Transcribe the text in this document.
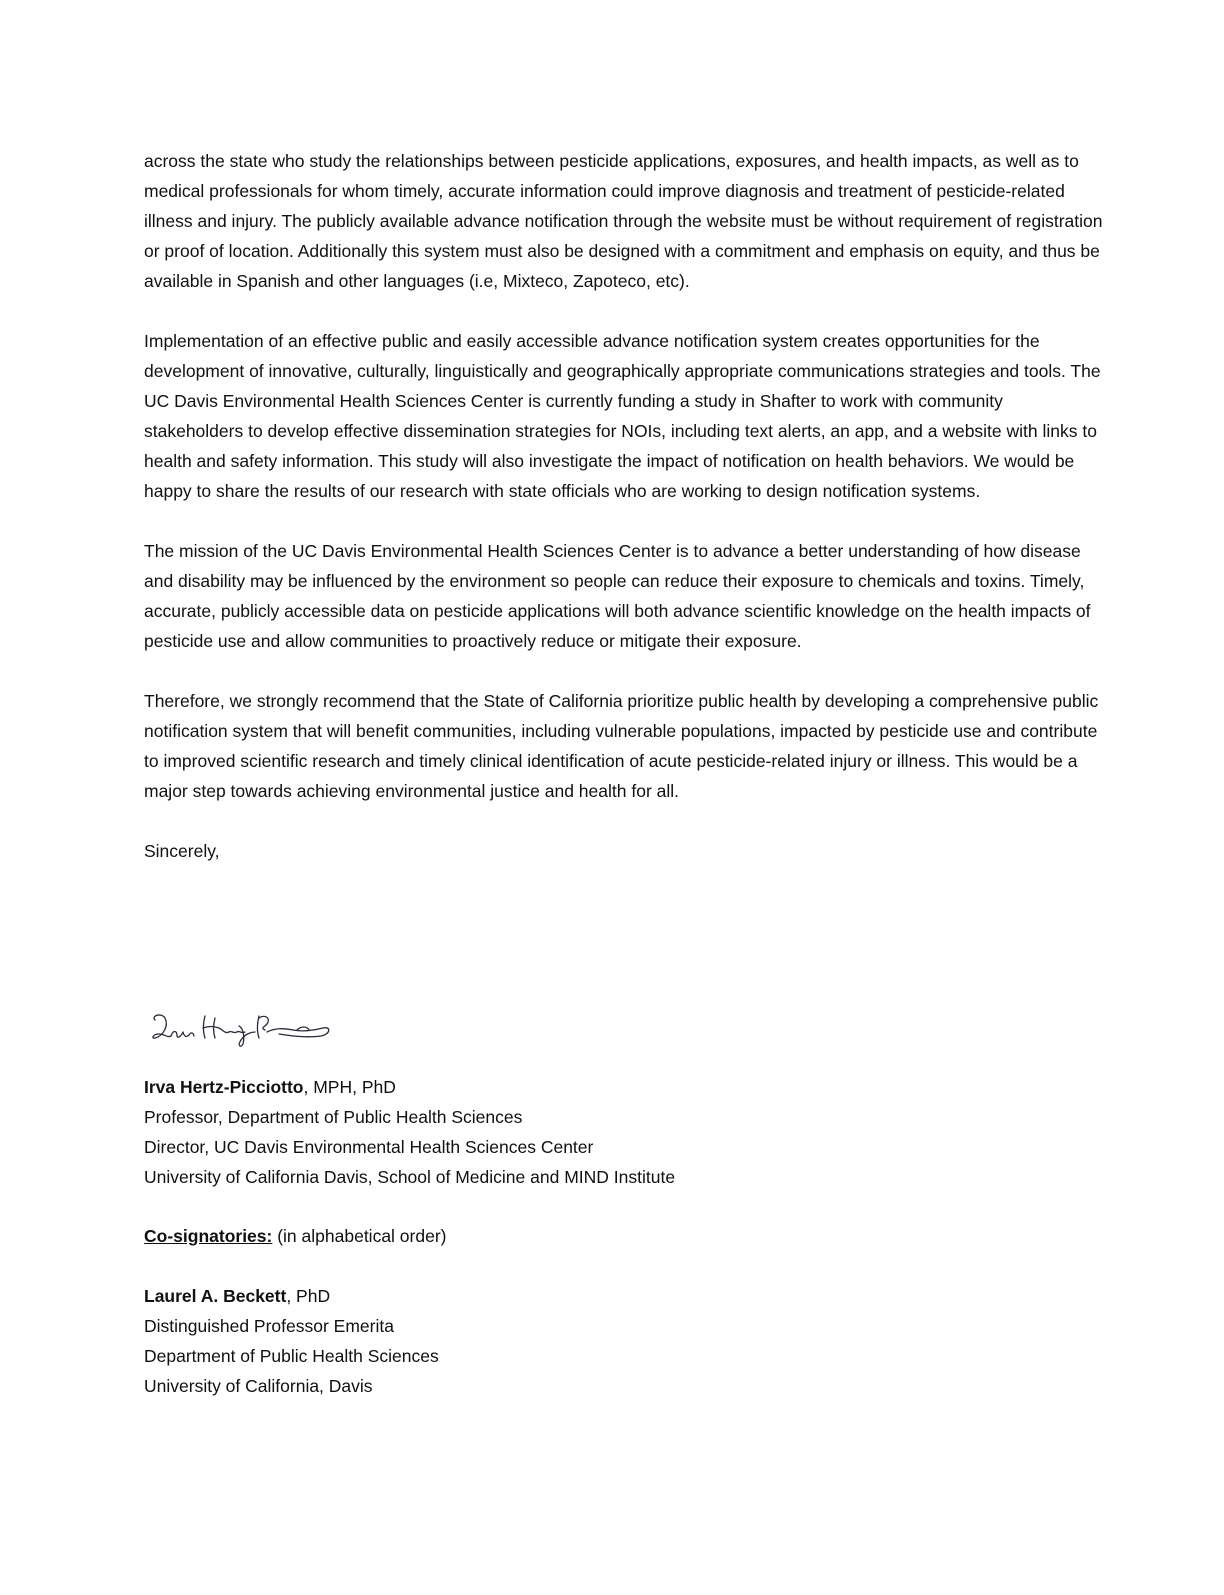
across the state who study the relationships between pesticide applications, exposures, and health impacts, as well as to medical professionals for whom timely, accurate information could improve diagnosis and treatment of pesticide-related illness and injury. The publicly available advance notification through the website must be without requirement of registration or proof of location. Additionally this system must also be designed with a commitment and emphasis on equity, and thus be available in Spanish and other languages (i.e, Mixteco, Zapoteco, etc).

Implementation of an effective public and easily accessible advance notification system creates opportunities for the development of innovative, culturally, linguistically and geographically appropriate communications strategies and tools. The UC Davis Environmental Health Sciences Center is currently funding a study in Shafter to work with community stakeholders to develop effective dissemination strategies for NOIs, including text alerts, an app, and a website with links to health and safety information. This study will also investigate the impact of notification on health behaviors. We would be happy to share the results of our research with state officials who are working to design notification systems.

The mission of the UC Davis Environmental Health Sciences Center is to advance a better understanding of how disease and disability may be influenced by the environment so people can reduce their exposure to chemicals and toxins. Timely, accurate, publicly accessible data on pesticide applications will both advance scientific knowledge on the health impacts of pesticide use and allow communities to proactively reduce or mitigate their exposure.

Therefore, we strongly recommend that the State of California prioritize public health by developing a comprehensive public notification system that will benefit communities, including vulnerable populations, impacted by pesticide use and contribute to improved scientific research and timely clinical identification of acute pesticide-related injury or illness. This would be a major step towards achieving environmental justice and health for all.

Sincerely,

Irva Hertz-Picciotto, MPH, PhD
Professor, Department of Public Health Sciences
Director, UC Davis Environmental Health Sciences Center
University of California Davis, School of Medicine and MIND Institute
Co-signatories: (in alphabetical order)
Laurel A. Beckett, PhD
Distinguished Professor Emerita
Department of Public Health Sciences
University of California, Davis
